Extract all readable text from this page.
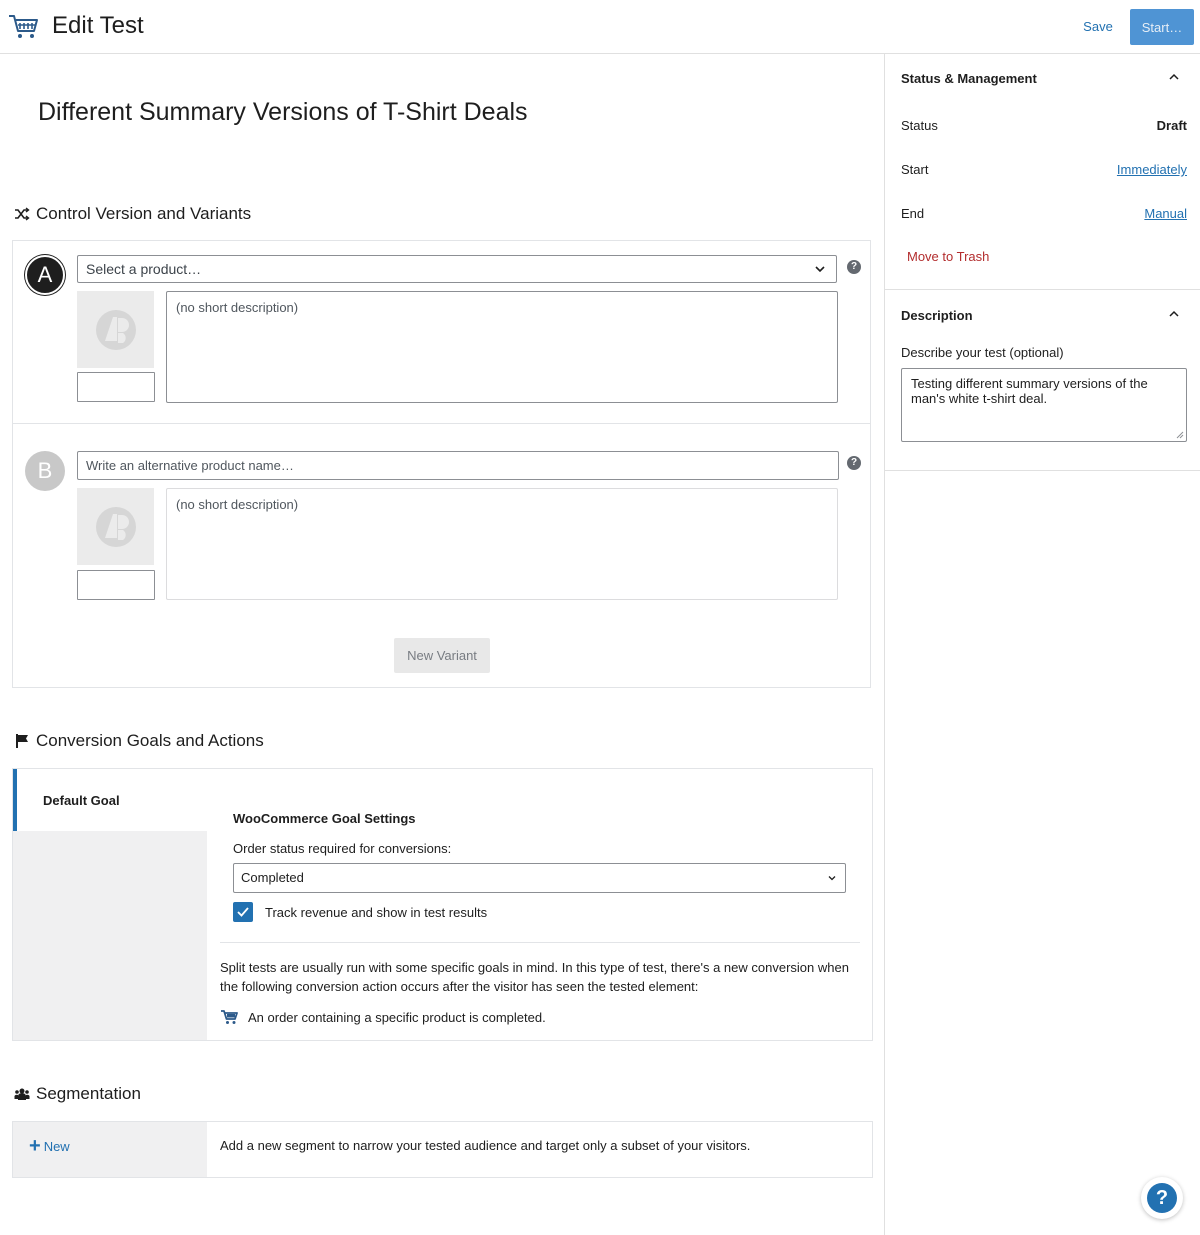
Edit Test	Save	Start…
Different Summary Versions of T-Shirt Deals
Control Version and Variants
A	Select a product…	?
(no short description)
B	Write an alternative product name…	?
(no short description)
New Variant
Conversion Goals and Actions
Default Goal
WooCommerce Goal Settings
Order status required for conversions:
Completed
Track revenue and show in test results
Split tests are usually run with some specific goals in mind. In this type of test, there's a new conversion when the following conversion action occurs after the visitor has seen the tested element:
An order containing a specific product is completed.
Segmentation
+ New	Add a new segment to narrow your tested audience and target only a subset of your visitors.
Status & Management
Status	Draft
Start	Immediately
End	Manual
Move to Trash
Description
Describe your test (optional)
Testing different summary versions of the man's white t-shirt deal.
?
